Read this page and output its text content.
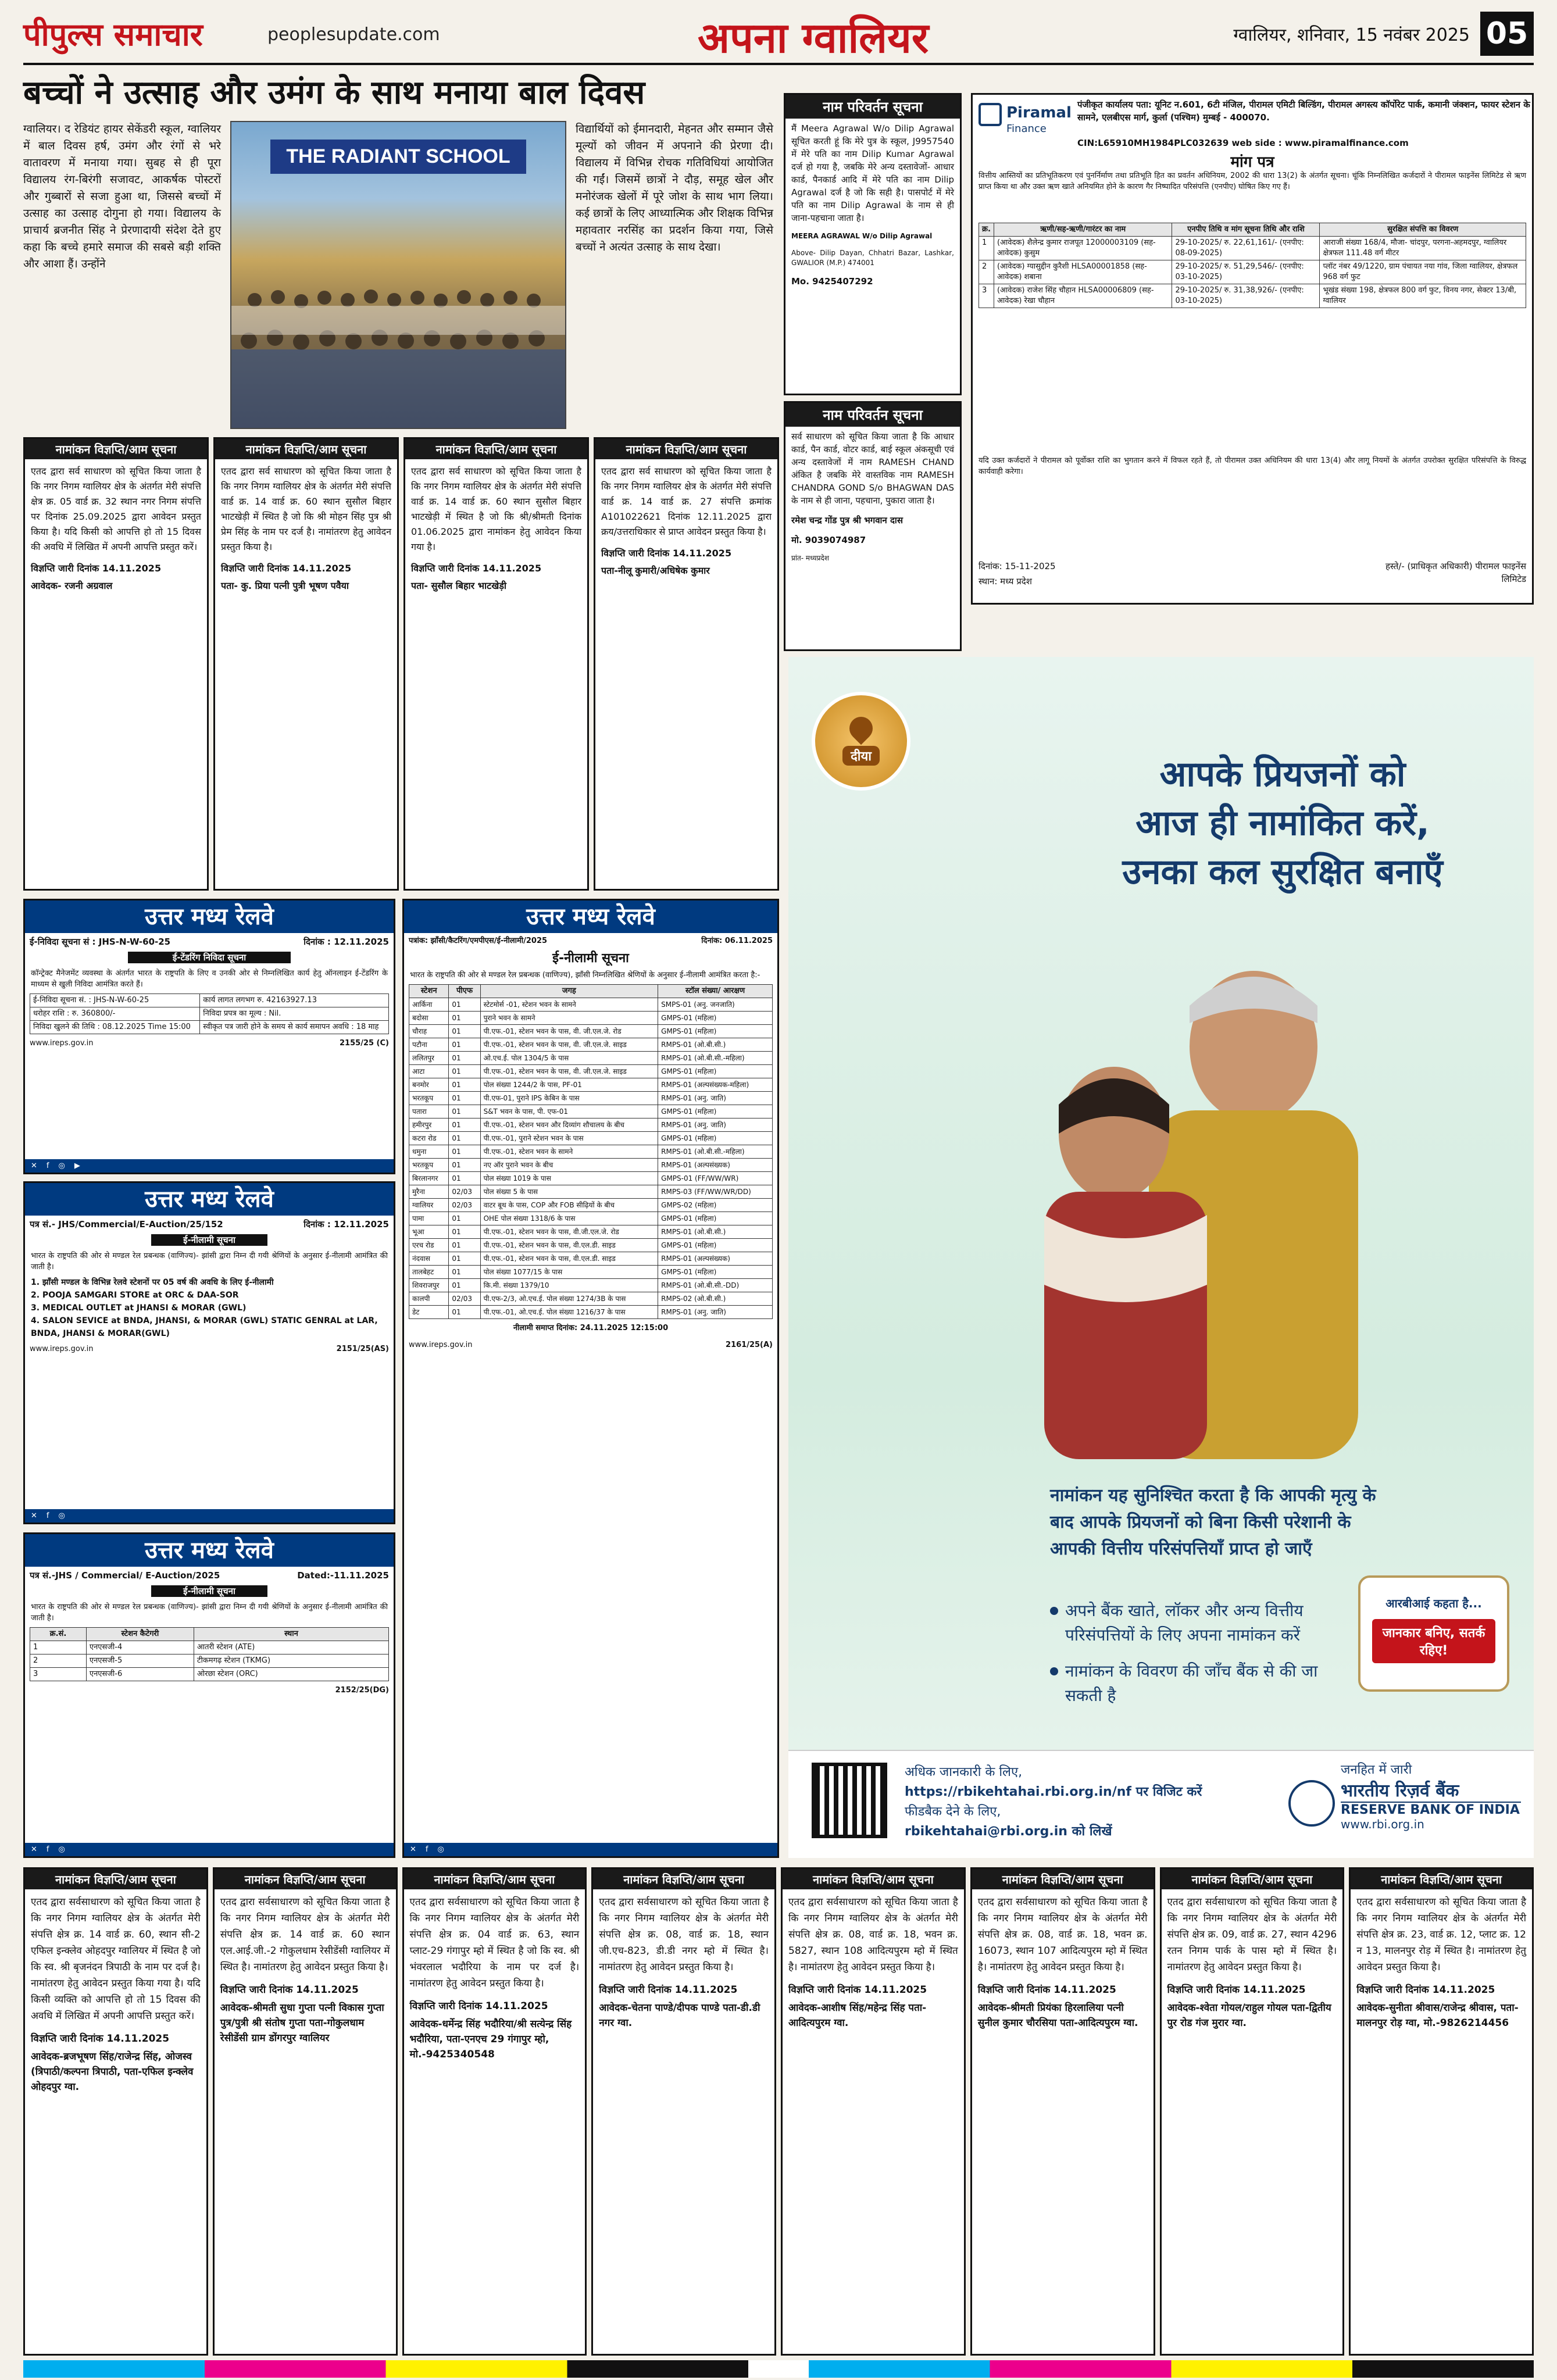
पीपुल्स समाचार	peoplesupdate.com	अपना ग्वालियर	ग्वालियर, शनिवार, 15 नवंबर 2025 05
बच्चों ने उत्साह और उमंग के साथ मनाया बाल दिवस
ग्वालियर। द रेडियंट हायर सेकेंडरी स्कूल, ग्वालियर में बाल दिवस हर्ष, उमंग और रंगों से भरे वातावरण में मनाया गया। सुबह से ही पूरा विद्यालय रंग-बिरंगी सजावट, आकर्षक पोस्टरों और गुब्बारों से सजा हुआ था, जिससे बच्चों में उत्साह का उत्साह दोगुना हो गया। विद्यालय के प्राचार्य ब्रजनीत सिंह ने प्रेरणादायी संदेश देते हुए कहा कि बच्चे हमारे समाज की सबसे बड़ी शक्ति और आशा हैं। उन्होंने
THE RADIANT SCHOOL
विद्यार्थियों को ईमानदारी, मेहनत और सम्मान जैसे मूल्यों को जीवन में अपनाने की प्रेरणा दी। विद्यालय में विभिन्न रोचक गतिविधियां आयोजित की गईं। जिसमें छात्रों ने दौड़, समूह खेल और मनोरंजक खेलों में पूरे जोश के साथ भाग लिया। कई छात्रों के लिए आध्यात्मिक और शिक्षक विभिन्न महावतार नरसिंह का प्रदर्शन किया गया, जिसे बच्चों ने अत्यंत उत्साह के साथ देखा।
नाम परिवर्तन सूचना
मैं Meera Agrawal W/o Dilip Agrawal सूचित करती हूं कि मेरे पुत्र के स्कूल, J9957540 में मेरे पति का नाम Dilip Kumar Agrawal दर्ज हो गया है, जबकि मेरे अन्य दस्तावेजों- आधार कार्ड, पैनकार्ड आदि में मेरे पति का नाम Dilip Agrawal दर्ज है जो कि सही है। पासपोर्ट में मेरे पति का नाम Dilip Agrawal के नाम से ही जाना-पहचाना जाता है।
MEERA AGRAWAL W/o Dilip Agrawal
Above- Dilip Dayan, Chhatri Bazar, Lashkar, GWALIOR (M.P.) 474001
Mo. 9425407292
नाम परिवर्तन सूचना
सर्व साधारण को सूचित किया जाता है कि आधार कार्ड, पैन कार्ड, वोटर कार्ड, बाई स्कूल अंकसूची एवं अन्य दस्तावेजों में नाम RAMESH CHAND अंकित है जबकि मेरे वास्तविक नाम RAMESH CHANDRA GOND S/o BHAGWAN DAS के नाम से ही जाना, पहचाना, पुकारा जाता है।
रमेश चन्द्र गोंड पुत्र श्री भगवान दास
मो. 9039074987
प्रांत- मध्यप्रदेश
Piramal
Finance
पंजीकृत कार्यालय पता: यूनिट न.601, 6टी मंजिल, पीरामल एमिटी बिल्डिंग, पीरामल अगस्त्य कॉर्पोरेट पार्क, कमानी जंक्शन, फायर स्टेशन के सामने, एलबीएस मार्ग, कुर्ला (पश्चिम) मुम्बई - 400070.
CIN:L65910MH1984PLC032639 web side : www.piramalfinance.com
मांग पत्र
वित्तीय आस्तियों का प्रतिभूतिकरण एवं पुनर्निर्माण तथा प्रतिभूति हित का प्रवर्तन अधिनियम, 2002 की धारा 13(2) के अंतर्गत सूचना। चूंकि निम्नलिखित कर्जदारों ने पीरामल फाइनेंस लिमिटेड से ऋण प्राप्त किया था और उक्त ऋण खाते अनियमित होने के कारण गैर निष्पादित परिसंपत्ति (एनपीए) घोषित किए गए हैं।
क्र.	ऋणी/सह-ऋणी/गारंटर का नाम	एनपीए तिथि व मांग सूचना तिथि और राशि	सुरक्षित संपत्ति का विवरण
1	(आवेदक) शैलेन्द्र कुमार राजपूत 12000003109 (सह-आवेदक) कुसुम	29-10-2025/ रु. 22,61,161/- (एनपीए: 08-09-2025)	आराजी संख्या 168/4, मौजा- चांदपुर, परगना-अहमदपुर, ग्वालियर क्षेत्रफल 111.48 वर्ग मीटर
2	(आवेदक) ग्यासुद्दीन कुरैशी HLSA00001858 (सह-आवेदक) शबाना	29-10-2025/ रु. 51,29,546/- (एनपीए: 03-10-2025)	प्लॉट नंबर 49/1220, ग्राम पंचायत नया गांव, जिला ग्वालियर, क्षेत्रफल 968 वर्ग फुट
3	(आवेदक) राजेश सिंह चौहान HLSA00006809 (सह-आवेदक) रेखा चौहान	29-10-2025/ रु. 31,38,926/- (एनपीए: 03-10-2025)	भूखंड संख्या 198, क्षेत्रफल 800 वर्ग फुट, विनय नगर, सेक्टर 13/बी, ग्वालियर
यदि उक्त कर्जदारों ने पीरामल को पूर्वोक्त राशि का भुगतान करने में विफल रहते हैं, तो पीरामल उक्त अधिनियम की धारा 13(4) और लागू नियमों के अंतर्गत उपरोक्त सुरक्षित परिसंपत्ति के विरुद्ध कार्यवाही करेगा।
दिनांक: 15-11-2025
स्थान: मध्य प्रदेश
हस्ते/- (प्राधिकृत अधिकारी) पीरामल फाइनेंस लिमिटेड
नामांकन विज्ञप्ति/आम सूचना
एतद द्वारा सर्व साधारण को सूचित किया जाता है कि नगर निगम ग्वालियर क्षेत्र के अंतर्गत मेरी संपत्ति क्षेत्र क्र. 05 वार्ड क्र. 32 स्थान नगर निगम संपत्ति पर दिनांक 25.09.2025 द्वारा आवेदन प्रस्तुत किया है। यदि किसी को आपत्ति हो तो 15 दिवस की अवधि में लिखित में अपनी आपत्ति प्रस्तुत करें।
विज्ञप्ति जारी दिनांक 14.11.2025
आवेदक- रजनी अग्रवाल
नामांकन विज्ञप्ति/आम सूचना
एतद द्वारा सर्व साधारण को सूचित किया जाता है कि नगर निगम ग्वालियर क्षेत्र के अंतर्गत मेरी संपत्ति वार्ड क्र. 14 वार्ड क्र. 60 स्थान सुसौल बिहार भाटखेड़ी में स्थित है जो कि श्री मोहन सिंह पुत्र श्री प्रेम सिंह के नाम पर दर्ज है। नामांतरण हेतु आवेदन प्रस्तुत किया है।
विज्ञप्ति जारी दिनांक 14.11.2025
पता- कु. प्रिया पत्नी पुत्री भूषण पवैया
नामांकन विज्ञप्ति/आम सूचना
एतद द्वारा सर्व साधारण को सूचित किया जाता है कि नगर निगम ग्वालियर क्षेत्र के अंतर्गत मेरी संपत्ति वार्ड क्र. 14 वार्ड क्र. 60 स्थान सुसौल बिहार भाटखेड़ी में स्थित है जो कि श्री/श्रीमती दिनांक 01.06.2025 द्वारा नामांकन हेतु आवेदन किया गया है।
विज्ञप्ति जारी दिनांक 14.11.2025
पता- सुसौल बिहार भाटखेड़ी
नामांकन विज्ञप्ति/आम सूचना
एतद द्वारा सर्व साधारण को सूचित किया जाता है कि नगर निगम ग्वालियर क्षेत्र के अंतर्गत मेरी संपत्ति वार्ड क्र. 14 वार्ड क्र. 27 संपत्ति क्रमांक A101022621 दिनांक 12.11.2025 द्वारा क्रय/उत्तराधिकार से प्राप्त आवेदन प्रस्तुत किया है।
विज्ञप्ति जारी दिनांक 14.11.2025
पता-नीलू कुमारी/अधिषेक कुमार
उत्तर मध्य रेलवे
ई-निविदा सूचना सं : JHS-N-W-60-25	दिनांक : 12.11.2025
ई-टेंडरिंग निविदा सूचना
कॉन्ट्रेक्ट मैनेजमेंट व्यवस्था के अंतर्गत भारत के राष्ट्रपति के लिए व उनकी ओर से निम्नलिखित कार्य हेतु ऑनलाइन ई-टेंडरिंग के माध्यम से खुली निविदा आमंत्रित करते हैं।
ई-निविदा सूचना सं. : JHS-N-W-60-25	कार्य लागत लगभग रु. 42163927.13
धरोहर राशि : रु. 360800/-	निविदा प्रपत्र का मूल्य : Nil.
निविदा खुलने की तिथि : 08.12.2025 Time 15:00	स्वीकृत पत्र जारी होने के समय से कार्य समापन अवधि : 18 माह
www.ireps.gov.in	2155/25 (C)
✕ f ◎ ▶
उत्तर मध्य रेलवे
पत्र सं.- JHS/Commercial/E-Auction/25/152	दिनांक : 12.11.2025
ई-नीलामी सूचना
भारत के राष्ट्रपति की ओर से मण्डल रेल प्रबन्धक (वाणिज्य)- झांसी द्वारा निम्न दी गयी श्रेणियों के अनुसार ई-नीलामी आमंत्रित की जाती है।
1. झाँसी मण्डल के विभिन्न रेलवे स्टेशनों पर 05 वर्ष की अवधि के लिए ई-नीलामी
2. POOJA SAMGARI STORE at ORC & DAA-SOR
3. MEDICAL OUTLET at JHANSI & MORAR (GWL)
4. SALON SEVICE at BNDA, JHANSI, & MORAR (GWL) STATIC GENRAL at LAR, BNDA, JHANSI & MORAR(GWL)
www.ireps.gov.in	2151/25(AS)
✕ f ◎
उत्तर मध्य रेलवे
पत्र सं.-JHS / Commercial/ E-Auction/2025	Dated:-11.11.2025
ई-नीलामी सूचना
भारत के राष्ट्रपति की ओर से मण्डल रेल प्रबन्धक (वाणिज्य)- झांसी द्वारा निम्न दी गयी श्रेणियों के अनुसार ई-नीलामी आमंत्रित की जाती है।
क्र.सं.	स्टेशन कैटेगरी	स्थान
1	एनएसजी-4	आतरी स्टेशन (ATE)
2	एनएसजी-5	टीकमगढ़ स्टेशन (TKMG)
3	एनएसजी-6	ओरछा स्टेशन (ORC)
2152/25(DG)
✕ f ◎
उत्तर मध्य रेलवे
पत्रांक: झाँसी/कैटरिंग/एमपीएस/ई-नीलामी/2025	दिनांक: 06.11.2025
ई-नीलामी सूचना
भारत के राष्ट्रपति की ओर से मण्डल रेल प्रबन्धक (वाणिज्य), झाँसी निम्नलिखित श्रेणियों के अनुसार ई-नीलामी आमंत्रित करता है:-
स्टेशन	पीएफ	जगह	स्टॉल संख्या/ आरक्षण
आर्किना	01	स्टेटमोर्स -01, स्टेशन भवन के सामने	SMPS-01 (अनु. जनजाति)
बदोसा	01	पुराने भवन के सामने	GMPS-01 (महिला)
चौराह	01	पी.एफ.-01, स्टेशन भवन के पास, वी. जी.एल.जे. रोड	GMPS-01 (महिला)
पटौना	01	पी.एफ.-01, स्टेशन भवन के पास, वी. जी.एल.जे. साइड	RMPS-01 (ओ.बी.सी.)
ललितपुर	01	ओ.एच.ई. पोल 1304/5 के पास	RMPS-01 (ओ.बी.सी.-महिला)
आटा	01	पी.एफ.-01, स्टेशन भवन के पास, वी. जी.एल.जे. साइड	GMPS-01 (महिला)
बनमोर	01	पोल संख्या 1244/2 के पास, PF-01	RMPS-01 (अल्पसंख्यक-महिला)
भरतकूप	01	पी.एफ-01, पुराने IPS केबिन के पास	RMPS-01 (अनु. जाति)
पतारा	01	S&T भवन के पास, पी. एफ-01	GMPS-01 (महिला)
हमीरपुर	01	पी.एफ.-01, स्टेशन भवन और दिव्यांग शौचालय के बीच	RMPS-01 (अनु. जाति)
कटरा रोड	01	पी.एफ.-01, पुराने स्टेशन भवन के पास	GMPS-01 (महिला)
धमुना	01	पी.एफ.-01, स्टेशन भवन के सामने	RMPS-01 (ओ.बी.सी.-महिला)
भरतकूप	01	नए ऑर पुराने भवन के बीच	RMPS-01 (अल्पसंख्यक)
बिरलानगर	01	पोल संख्या 1019 के पास	GMPS-01 (FF/WW/WR)
मुरैना	02/03	पोल संख्या 5 के पास	RMPS-03 (FF/WW/WR/DD)
ग्वालियर	02/03	वाटर बूथ के पास, COP और FOB सीढ़ियों के बीच	GMPS-02 (महिला)
पामा	01	OHE पोल संख्या 1318/6 के पास	GMPS-01 (महिला)
भूआ	01	पी.एफ.-01, स्टेशन भवन के पास, वी.जी.एल.जे. रोड	RMPS-01 (ओ.बी.सी.)
एरच रोड	01	पी.एफ.-01, स्टेशन भवन के पास, वी.एल.डी. साइड	GMPS-01 (महिला)
नंदवास	01	पी.एफ.-01, स्टेशन भवन के पास, वी.एल.डी. साइड	RMPS-01 (अल्पसंख्यक)
तालबेहट	01	पोल संख्या 1077/15 के पास	GMPS-01 (महिला)
शिवराजपुर	01	कि.मी. संख्या 1379/10	RMPS-01 (ओ.बी.सी.-DD)
कालपी	02/03	पी.एफ-2/3, ओ.एच.ई. पोल संख्या 1274/3B के पास	RMPS-02 (ओ.बी.सी.)
डेट	01	पी.एफ.-01, ओ.एच.ई. पोल संख्या 1216/37 के पास	RMPS-01 (अनु. जाति)
नीलामी समाप्त दिनांक: 24.11.2025 12:15:00
www.ireps.gov.in	2161/25(A)
✕ f ◎
दीया	आपके प्रियजनों को
आज ही नामांकित करें,
उनका कल सुरक्षित बनाएँ
नामांकन यह सुनिश्चित करता है कि आपकी मृत्यु के बाद आपके प्रियजनों को बिना किसी परेशानी के आपकी वित्तीय परिसंपत्तियाँ प्राप्त हो जाएँ
अपने बैंक खाते, लॉकर और अन्य वित्तीय परिसंपत्तियों के लिए अपना नामांकन करें
नामांकन के विवरण की जाँच बैंक से की जा सकती है
आरबीआई कहता है...
जानकार बनिए, सतर्क रहिए!
अधिक जानकारी के लिए,
https://rbikehtahai.rbi.org.in/nf पर विजिट करें
फीडबैक देने के लिए,
rbikehtahai@rbi.org.in को लिखें
जनहित में जारी
भारतीय रिज़र्व बैंक
RESERVE BANK OF INDIA
www.rbi.org.in
नामांकन विज्ञप्ति/आम सूचना
एतद द्वारा सर्वसाधारण को सूचित किया जाता है कि नगर निगम ग्वालियर क्षेत्र के अंतर्गत मेरी संपत्ति क्षेत्र क्र. 14 वार्ड क्र. 60, स्थान सी-2 एफिल इन्क्लेव ओहदपुर ग्वालियर में स्थित है जो कि स्व. श्री बृजनंदन त्रिपाठी के नाम पर दर्ज है। नामांतरण हेतु आवेदन प्रस्तुत किया गया है। यदि किसी व्यक्ति को आपत्ति हो तो 15 दिवस की अवधि में लिखित में अपनी आपत्ति प्रस्तुत करें।
विज्ञप्ति जारी दिनांक 14.11.2025
आवेदक-ब्रजभूषण सिंह/राजेन्द्र सिंह, ओजस्व (त्रिपाठी/कल्पना त्रिपाठी, पता-एफिल इन्क्लेव ओहदपुर ग्वा.
नामांकन विज्ञप्ति/आम सूचना
एतद द्वारा सर्वसाधारण को सूचित किया जाता है कि नगर निगम ग्वालियर क्षेत्र के अंतर्गत मेरी संपत्ति क्षेत्र क्र. 14 वार्ड क्र. 60 स्थान एल.आई.जी.-2 गोकुलधाम रेसीडेंसी ग्वालियर में स्थित है। नामांतरण हेतु आवेदन प्रस्तुत किया है।
विज्ञप्ति जारी दिनांक 14.11.2025
आवेदक-श्रीमती सुधा गुप्ता पत्नी विकास गुप्ता पुत्र/पुत्री श्री संतोष गुप्ता पता-गोकुलधाम रेसीडेंसी ग्राम डोंगरपुर ग्वालियर
नामांकन विज्ञप्ति/आम सूचना
एतद द्वारा सर्वसाधारण को सूचित किया जाता है कि नगर निगम ग्वालियर क्षेत्र के अंतर्गत मेरी संपत्ति क्षेत्र क्र. 04 वार्ड क्र. 63, स्थान प्लाट-29 गंगापुर म्हो में स्थित है जो कि स्व. श्री भंवरलाल भदौरिया के नाम पर दर्ज है। नामांतरण हेतु आवेदन प्रस्तुत किया है।
विज्ञप्ति जारी दिनांक 14.11.2025
आवेदक-धर्मेन्द्र सिंह भदौरिया/श्री सत्येन्द्र सिंह भदौरिया, पता-एनएच 29 गंगापुर म्हो, मो.-9425340548
नामांकन विज्ञप्ति/आम सूचना
एतद द्वारा सर्वसाधारण को सूचित किया जाता है कि नगर निगम ग्वालियर क्षेत्र के अंतर्गत मेरी संपत्ति क्षेत्र क्र. 08, वार्ड क्र. 18, स्थान जी.एच-823, डी.डी नगर म्हो में स्थित है। नामांतरण हेतु आवेदन प्रस्तुत किया है।
विज्ञप्ति जारी दिनांक 14.11.2025
आवेदक-चेतना पाण्डे/दीपक पाण्डे पता-डी.डी नगर ग्वा.
नामांकन विज्ञप्ति/आम सूचना
एतद द्वारा सर्वसाधारण को सूचित किया जाता है कि नगर निगम ग्वालियर क्षेत्र के अंतर्गत मेरी संपत्ति क्षेत्र क्र. 08, वार्ड क्र. 18, भवन क्र. 5827, स्थान 108 आदित्यपुरम म्हो में स्थित है। नामांतरण हेतु आवेदन प्रस्तुत किया है।
विज्ञप्ति जारी दिनांक 14.11.2025
आवेदक-आशीष सिंह/महेन्द्र सिंह पता-आदित्यपुरम ग्वा.
नामांकन विज्ञप्ति/आम सूचना
एतद द्वारा सर्वसाधारण को सूचित किया जाता है कि नगर निगम ग्वालियर क्षेत्र के अंतर्गत मेरी संपत्ति क्षेत्र क्र. 08, वार्ड क्र. 18, भवन क्र. 16073, स्थान 107 आदित्यपुरम म्हो में स्थित है। नामांतरण हेतु आवेदन प्रस्तुत किया है।
विज्ञप्ति जारी दिनांक 14.11.2025
आवेदक-श्रीमती प्रियंका हिरलालिया पत्नी सुनील कुमार चौरसिया पता-आदित्यपुरम ग्वा.
नामांकन विज्ञप्ति/आम सूचना
एतद द्वारा सर्वसाधारण को सूचित किया जाता है कि नगर निगम ग्वालियर क्षेत्र के अंतर्गत मेरी संपत्ति क्षेत्र क्र. 09, वार्ड क्र. 27, स्थान 4296 रतन निगम पार्क के पास म्हो में स्थित है। नामांतरण हेतु आवेदन प्रस्तुत किया है।
विज्ञप्ति जारी दिनांक 14.11.2025
आवेदक-श्वेता गोयल/राहुल गोयल पता-द्वितीय पुर रोड गंज मुरार ग्वा.
नामांकन विज्ञप्ति/आम सूचना
एतद द्वारा सर्वसाधारण को सूचित किया जाता है कि नगर निगम ग्वालियर क्षेत्र के अंतर्गत मेरी संपत्ति क्षेत्र क्र. 23, वार्ड क्र. 12, प्लाट क्र. 12 न 13, मालनपुर रोड़ में स्थित है। नामांतरण हेतु आवेदन प्रस्तुत किया है।
विज्ञप्ति जारी दिनांक 14.11.2025
आवेदक-सुनीता श्रीवास/राजेन्द्र श्रीवास, पता-मालनपुर रोड़ ग्वा, मो.-9826214456
